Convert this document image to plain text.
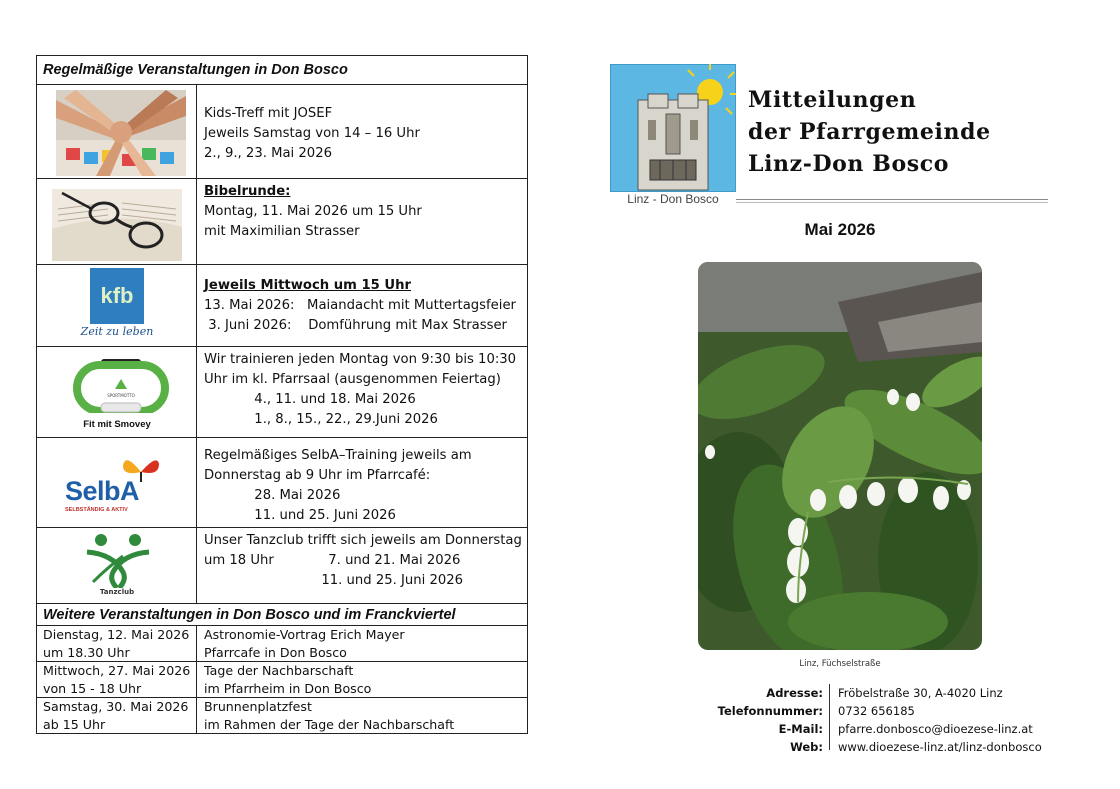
Regelmäßige Veranstaltungen in Don Bosco
Kids-Treff mit JOSEF
Jeweils Samstag von 14 – 16 Uhr
2., 9., 23. Mai 2026
Bibelrunde:
Montag, 11. Mai 2026 um 15 Uhr
mit Maximilian Strasser
kfb
Zeit zu leben
Jeweils Mittwoch um 15 Uhr
13. Mai 2026:   Maiandacht mit Muttertagsfeier
3. Juni 2026:    Domführung mit Max Strasser
SPORTMOTTO
Fit mit Smovey
Wir trainieren jeden Montag von 9:30 bis 10:30
Uhr im kl. Pfarrsaal (ausgenommen Feiertag)
4., 11. und 18. Mai 2026
1., 8., 15., 22., 29.Juni 2026
SelbA
SELBSTÄNDIG & AKTIV
Regelmäßiges SelbA–Training jeweils am
Donnerstag ab 9 Uhr im Pfarrcafé:
28. Mai 2026
11. und 25. Juni 2026
Tanzclub
Unser Tanzclub trifft sich jeweils am Donnerstag
um 18 Uhr             7. und 21. Mai 2026
11. und 25. Juni 2026
Weitere Veranstaltungen in Don Bosco und im Franckviertel
Dienstag, 12. Mai 2026
um 18.30 Uhr
Astronomie-Vortrag Erich Mayer
Pfarrcafe in Don Bosco
Mittwoch, 27. Mai 2026
von 15 - 18 Uhr
Tage der Nachbarschaft
im Pfarrheim in Don Bosco
Samstag, 30. Mai 2026
ab 15 Uhr
Brunnenplatzfest
im Rahmen der Tage der Nachbarschaft
Linz - Don Bosco
Mitteilungen
der Pfarrgemeinde
Linz-Don Bosco
Mai 2026
Linz, Füchselstraße
Adresse:
Telefonnummer:
E-Mail:
Web:
Fröbelstraße 30, A-4020 Linz
0732 656185
pfarre.donbosco@dioezese-linz.at
www.dioezese-linz.at/linz-donbosco
